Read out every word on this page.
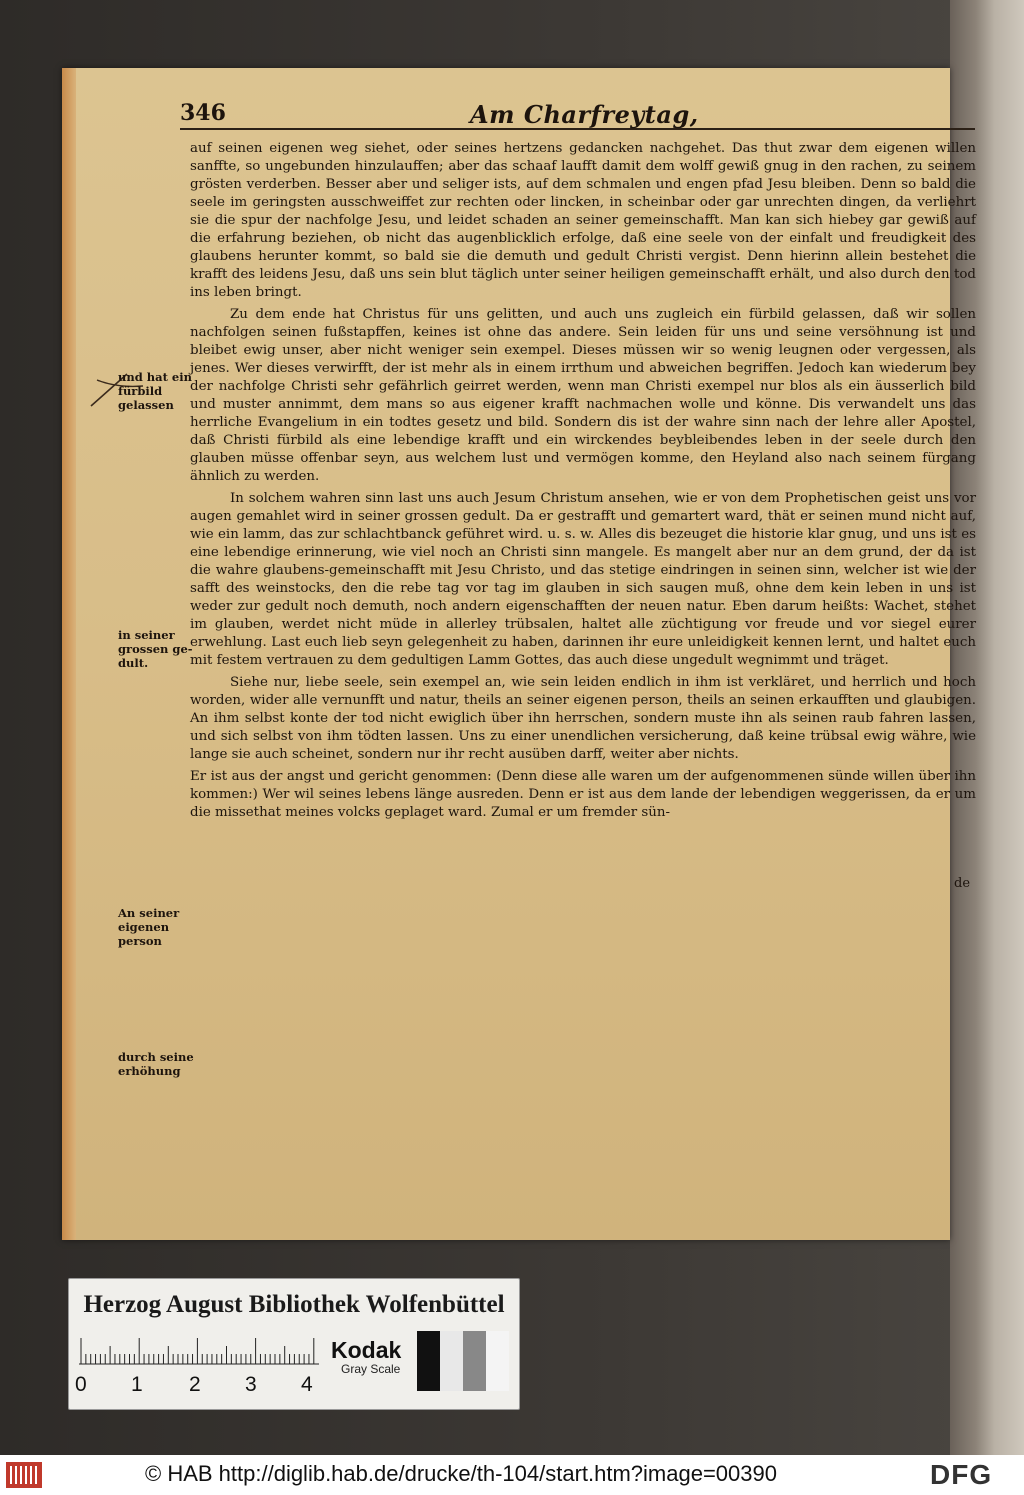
346	Am Charfreytag,
und hat ein fürbild gelassen
in seiner grossen ge-dult.
An seiner eigenen person
durch seine erhöhung

auf seinen eigenen weg siehet, oder seines hertzens gedancken nachgehet. Das thut zwar dem eigenen willen sanffte, so ungebunden hinzulauffen; aber das schaaf laufft damit dem wolff gewiß gnug in den rachen, zu seinem grösten verderben. Besser aber und seliger ists, auf dem schmalen und engen pfad Jesu bleiben. Denn so bald die seele im geringsten ausschweiffet zur rechten oder lincken, in scheinbar oder gar unrechten dingen, da verliehrt sie die spur der nachfolge Jesu, und leidet schaden an seiner gemeinschafft. Man kan sich hiebey gar gewiß auf die erfahrung beziehen, ob nicht das augenblicklich erfolge, daß eine seele von der einfalt und freudigkeit des glaubens herunter kommt, so bald sie die demuth und gedult Christi vergist. Denn hierinn allein bestehet die krafft des leidens Jesu, daß uns sein blut täglich unter seiner heiligen gemeinschafft erhält, und also durch den tod ins leben bringt.

Zu dem ende hat Christus für uns gelitten, und auch uns zugleich ein fürbild gelassen, daß wir sollen nachfolgen seinen fußstapffen, keines ist ohne das andere. Sein leiden für uns und seine versöhnung ist und bleibet ewig unser, aber nicht weniger sein exempel. Dieses müssen wir so wenig leugnen oder vergessen, als jenes. Wer dieses verwirfft, der ist mehr als in einem irrthum und abweichen begriffen. Jedoch kan wiederum bey der nachfolge Christi sehr gefährlich geirret werden, wenn man Christi exempel nur blos als ein äusserlich bild und muster annimmt, dem mans so aus eigener krafft nachmachen wolle und könne. Dis verwandelt uns das herrliche Evangelium in ein todtes gesetz und bild. Sondern dis ist der wahre sinn nach der lehre aller Apostel, daß Christi fürbild als eine lebendige krafft und ein wirckendes beybleibendes leben in der seele durch den glauben müsse offenbar seyn, aus welchem lust und vermögen komme, den Heyland also nach seinem fürgang ähnlich zu werden.

In solchem wahren sinn last uns auch Jesum Christum ansehen, wie er von dem Prophetischen geist uns vor augen gemahlet wird in seiner grossen gedult. Da er gestrafft und gemartert ward, thät er seinen mund nicht auf, wie ein lamm, das zur schlachtbanck geführet wird. u. s. w. Alles dis bezeuget die historie klar gnug, und uns ist es eine lebendige erinnerung, wie viel noch an Christi sinn mangele. Es mangelt aber nur an dem grund, der da ist die wahre glaubens-gemeinschafft mit Jesu Christo, und das stetige eindringen in seinen sinn, welcher ist wie der safft des weinstocks, den die rebe tag vor tag im glauben in sich saugen muß, ohne dem kein leben in uns ist weder zur gedult noch demuth, noch andern eigenschafften der neuen natur. Eben darum heißts: Wachet, stehet im glauben, werdet nicht müde in allerley trübsalen, haltet alle züchtigung vor freude und vor siegel eurer erwehlung. Last euch lieb seyn gelegenheit zu haben, darinnen ihr eure unleidigkeit kennen lernt, und haltet euch mit festem vertrauen zu dem gedultigen Lamm Gottes, das auch diese ungedult wegnimmt und träget.

Siehe nur, liebe seele, sein exempel an, wie sein leiden endlich in ihm ist verkläret, und herrlich und hoch worden, wider alle vernunfft und natur, theils an seiner eigenen person, theils an seinen erkaufften und glaubigen. An ihm selbst konte der tod nicht ewiglich über ihn herrschen, sondern muste ihn als seinen raub fahren lassen, und sich selbst von ihm tödten lassen. Uns zu einer unendlichen versicherung, daß keine trübsal ewig währe, wie lange sie auch scheinet, sondern nur ihr recht ausüben darff, weiter aber nichts.

Er ist aus der angst und gericht genommen: (Denn diese alle waren um der aufgenommenen sünde willen über ihn kommen:) Wer wil seines lebens länge ausreden. Denn er ist aus dem lande der lebendigen weggerissen, da er um die missethat meines volcks geplaget ward. Zumal er um fremder sün-

de
Herzog August Bibliothek Wolfenbüttel
Kodak
Gray Scale
0 1 2 3 4
© HAB http://diglib.hab.de/drucke/th-104/start.htm?image=00390	DFG
